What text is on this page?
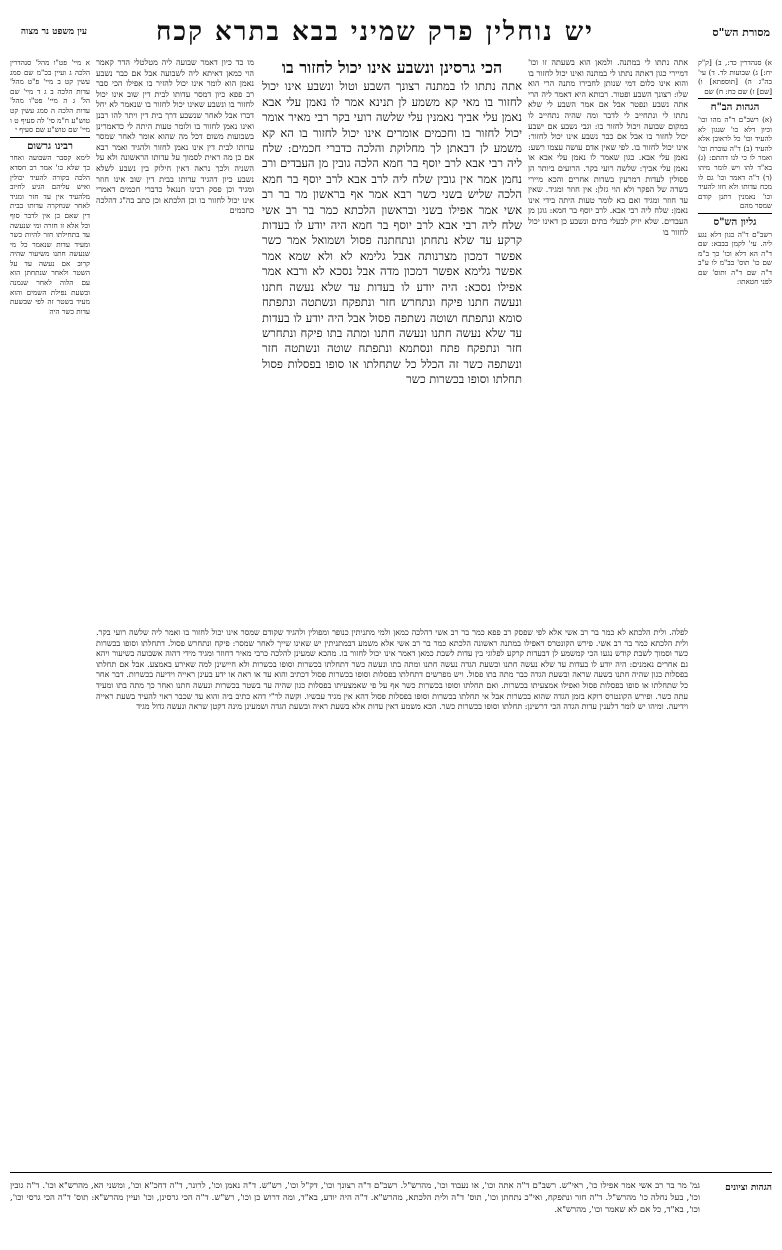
עין משפט נר מצוה	יש נוחלין פרק שמיני בבא בתרא קכח	מסורת הש"ס
א) סנהדרין כד:, ב) [ק"ק יח:] ג) שבועות לד. ד) עי' בה"ג ה) [תוספתא] ו) [שם] ז) שם כח: ח) שם
הגהות הב"ח
(א) רשב"ם ד"ה מהו וכו' וכיון דלא כו' שנגון לא להעיד וכו' כל לראובן אלא להעיד (ב) ד"ה עוברת וכו' ואמר לו כי לנו דהתם: (ג) בא"ד להו ויש לומר מיהו (ד) ד"ה דאמר וכו' גם לו מכח עדותו ולא חזו להעיד וכו' נאמנין דתנן קודם שמסר מהם
גליון הש"ס
רשב"ם ד"ה כגון דלא נגע ליה. עי' לקמן בבבא: שם ד"ה הא דלא וכו' כך ב"מ שם כו' תוס' בב"מ לו ע"ב ד"ה שם ד"ה ותוס' שם לפני חטאתו:
א מיי' פט"ו מהל' סנהדרין הלכה ג ועיין בכ"מ שם סמג עשין קט ב מיי' פ"ט מהל' עדות הלכה ב ג ד מיי' שם הל' ג ה מיי' פט"ו מהל' עדות הלכה ה סמג עשין קט טוש"ע ח"מ סי' לה סעיף ט ו מיי' שם טוש"ע שם סעיף י
רבינו גרשום
לימא קסבר השבועה ואחר כך שלא כו' אמר רב חסדא הלכה בקורה להעיד יכולין ואיש עליהם הגיע לחיוב מלהעיד אין עד חזר ומגיד לאחר שנחקרה עדותו בבית דין שאם כן אין לדבר סוף וכל אלא זו חזרה ומי שנעשה עד בתחילתו חזר להיות כשר ומעיד עדות שנאמר כל מי שנעשה חתנו משיעור שהיה קרוב אם נעשה עד על השטר ולאחר שנתחתן הוא עם הלוה לאחר שנמנה ובשעת נפילת השמים והוא מעיד בשטר זה לפי שבשעת עדות כשר היה
אתה נתתו לי במתנה. ולמאן הוא בשעתה זו וכו' דמיירי כגון דאתה נתתו לי במתנה ואינו יכול לחזור בו והוא אינו כלום דמי שנותן לחבירו מתנה הרי הוא שלו: רצונך השבע ופטור. רבותא היא דאמר ליה הרי אתה נשבע ונפטר אבל אם אמר השבע לי שלא נתתו לי ונתחייב לי לדבר ומה שהיה נתחייב לו במקום שבועה ויכול לחזור בו: וגבי נשבע אם ישבע יכול לחזור בו אבל אם כבר נשבע אינו יכול לחזור: אינו יכול לחזור בו. לפי שאין אדם עושה עצמו רשע: נאמן עלי אבא. כגון שאמר לו נאמן עלי אבא או נאמן עלי אביך: שלשה רועי בקר. הרועים ביותר הן פסולין לעדות דמרעין בשדות אחרים והכא מיירי בשדה של הפקר ולא הוי גזלן: אין חוזר ומגיד. שאין עד חוזר ומגיד ואם בא לומר טעות היתה בידי אינו נאמן: שלח ליה רבי אבא. לרב יוסף בר חמא: גוגן מן העבדים. שלא יזיק לבעלי בתים ונשבע כן דאינו יכול לחזור בו
מו כד כיון דאמר שבועה ליה מטלטלי הדר קאמר הוי כמאן דאיתא ליה לשבועה אבל אם כבר נשבע נאמן הוא לומר אינו יכול להזיר בו אפילו הכי סבר רב פפא כיון דמסר עדותו לבית דין שוב אינו יכול לחזור בו ונשבע שאינו יכול לחזור בו שנאמר לא יחל דברו אבל לאחר שנשבע דרך בית דין ויתר להו רבנן ואינו נאמן לחזור בו ולומר טעות היתה לי כדאמרינן בשבועות משום דכל מה שהוא אומר לאחר שמסר עדותו לבית דין אינו נאמן לחזור ולהגיד ואמר רבא אם כן מה ראית לסמוך על עדותו הראשונה ולא על השניה ולכך נראה דאין חילוק בין נשבע לשלא נשבע כיון דהגיד עדותו בבית דין שוב אינו חוזר ומגיד וכן פסק רבינו חננאל כדברי חכמים דאמרי אינו יכול לחזור בו וכן הלכתא וכן כתב בה"ג דהלכה כחכמים
הכי גרסינן ונשבע אינו יכול לחזור בו
אתה נתתו לו במתנה רצונך השבע וטול ונשבע אינו יכול לחזור בו מאי קא משמע לן תנינא אמר לו נאמן עלי אבא נאמן עלי אביך נאמנין עלי שלשה רועי בקר רבי מאיר אומר יכול לחזור בו וחכמים אומרים אינו יכול לחזור בו הא קא משמע לן דבאתן לך מחלוקת והלכה כדברי חכמים: שלח ליה רבי אבא לרב יוסף בר חמא הלכה גובין מן העבדים ורב נחמן אמר אין גובין שלח ליה לרב אבא לרב יוסף בר חמא הלכה שליש בשני כשר רבא אמר אף בראשון מר בר רב אשי אמר אפילו בשני ובראשון הלכתא כמר בר רב אשי שלח ליה רבי אבא לרב יוסף בר חמא היה יודע לו בעדות קרקע עד שלא נתחתן ונתחתנה פסול ושמואל אמר כשר אפשר דמכון מצרנותה אבל גלימא לא ולא שמא אמר אפשר גלימא אפשר דמכון מדה אבל נסכא לא ורבא אמר אפילו נסכא: היה יודע לו בעדות עד שלא נעשה חתנו ונעשה חתנו פיקח ונתחרש חזר ונתפקח ונשתטה ונתפתח סומא ונתפתח ושוטה נשתפה פסול אבל היה יודע לו בעדות עד שלא נעשה חתנו ונעשה חתנו ומתה בתו פיקח ונתחרש חזר ונתפקח פתח ונסתמא ונתפתח שוטה ונשתטה חזר ונשתפה כשר זה הכלל כל שתחלתו או סופו בפסלות פסול תחלתו וסופו בכשרות כשר
לפלה. ולית הלכתא לא כמר בר רב אשי אלא לפי שפסק רב פפא כמר בר רב אשי דהלכה כמאן ולמי מתניתין כנופר ומפולין ולהגיד שקודם שמסר אינו יכול לחזור בו ואמר ליה שלשה רועי בקר. ולית הלכתא כמר בר רב אשי. פירש הקונטרס דאפילו במתנה ראשונה הלכתא כמר בר רב אשי אלא משמע דבמתניתין יש שאינו שייך לאחר שמסר: פיקח ונתחרש פסול. דתחלתו וסופו בכשרות כשר וסמוך לשבת קודש נגעו הכי קמשמע לן דבעדות קרקע לפלוגי בין עדות לשבת כמאן דאמר אינו יכול לחזור בו. מהכא שמעינן להלכה כרבי מאיר דחוזר ומגיד מידי דהוה אשבועה בשיעור ויהא גם אחרים נאמנים: היה יודע לו בעדות עד שלא נעשה חתנו ובשעת הגדה נעשה חתנו ומתה בתו ונעשה כשר דתחלתו בכשרות וסופו בכשרות ולא חיישינן למה שאירע באמצע. אבל אם תחלתו בפסלות כגון שהיה חתנו בשעה שראה ובשעת הגדה כבר מתה בתו פסול. ויש מפרשים דתחלתו בפסלות וסופו בכשרות פסול דכתיב והוא עד או ראה או ידע בעינן ראייה וידיעה בכשרות. דבר אחר כל שתחלתו או סופו בפסלות פסול ואפילו אמצעיתו בכשרות. ואם תחלתו וסופו בכשרות כשר אף על פי שאמצעיתו בפסלות כגון שהיה עד בשטר בכשרות ונעשה חתנו ואחר כך מתה בתו ומעיד עתה כשר. ופירש הקונטרס דוקא בזמן הגדה שהוא בכשרות אבל אי תחלתו בכשרות וסופו בפסלות פסול דהא אין מגיד עכשיו. וקשה לר"י דהא כתיב ביה והוא עד שכבר ראוי להעיד בשעת ראייה וידיעה. ומיהו יש לומר דלענין עדות הגדה הכי דרשינן: תחלתו וסופו בכשרות כשר. הכא משמע דאין עדות אלא בשעת ראיה ובשעת הגדה ושמעינן מינה דקטן שראה ונעשה גדול מגיד
הגהות וציונים
גמ' מר בר רב אשי אמר אפילו כו', ראי"ש. רשב"ם ד"ה אתה וכו', או נעבוד וכו', מהרש"ל. רשב"ם ד"ה רצונך וכו', דק"ל וכו', רש"ש. ד"ה נאמן וכו', לרונר, ד"ה דחכ"א וכו', ומשני הא, מהרש"א וכו'. ד"ה גובין וכו', בעל נחלה כו' מהרש"ל. ד"ה חזר ונתפקח, ואי"כ נתחתן וכו', תוס' ד"ה ולית הלכתא, מהרש"א. ד"ה היה יודע, בא"ד, ומה דרוש כן וכו', רש"ש. ד"ה הכי גרסינן, וכו' ועיין מהרש"א: תוס' ד"ה הכי גרסי וכו', וכו', בא"ד, כל אם לא שאמר וכו', מהרש"א.
